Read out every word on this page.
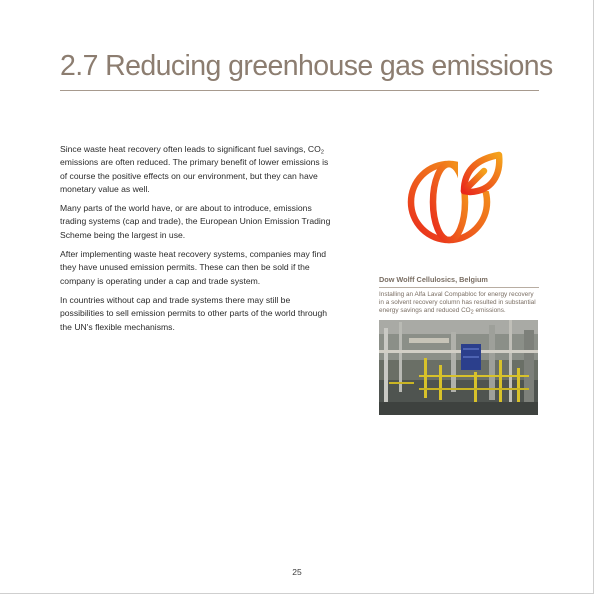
2.7 Reducing greenhouse gas emissions

Since waste heat recovery often leads to significant fuel savings, $CO_2$ emissions are often reduced. The primary benefit of lower emissions is of course the positive effects on our environment, but they can have monetary value as well.

Many parts of the world have, or are about to introduce, emissions trading systems (cap and trade), the European Union Emission Trading Scheme being the largest in use.

After implementing waste heat recovery systems, companies may find they have unused emission permits. These can then be sold if the company is operating under a cap and trade system.

In countries without cap and trade systems there may still be possibilities to sell emission permits to other parts of the world through the UN's flexible mechanisms.

Dow Wolff Cellulosics, Belgium
Installing an Alfa Laval Compabloc for energy recovery in a solvent recovery column has resulted in substantial energy savings and reduced $CO_2$ emissions.
25
